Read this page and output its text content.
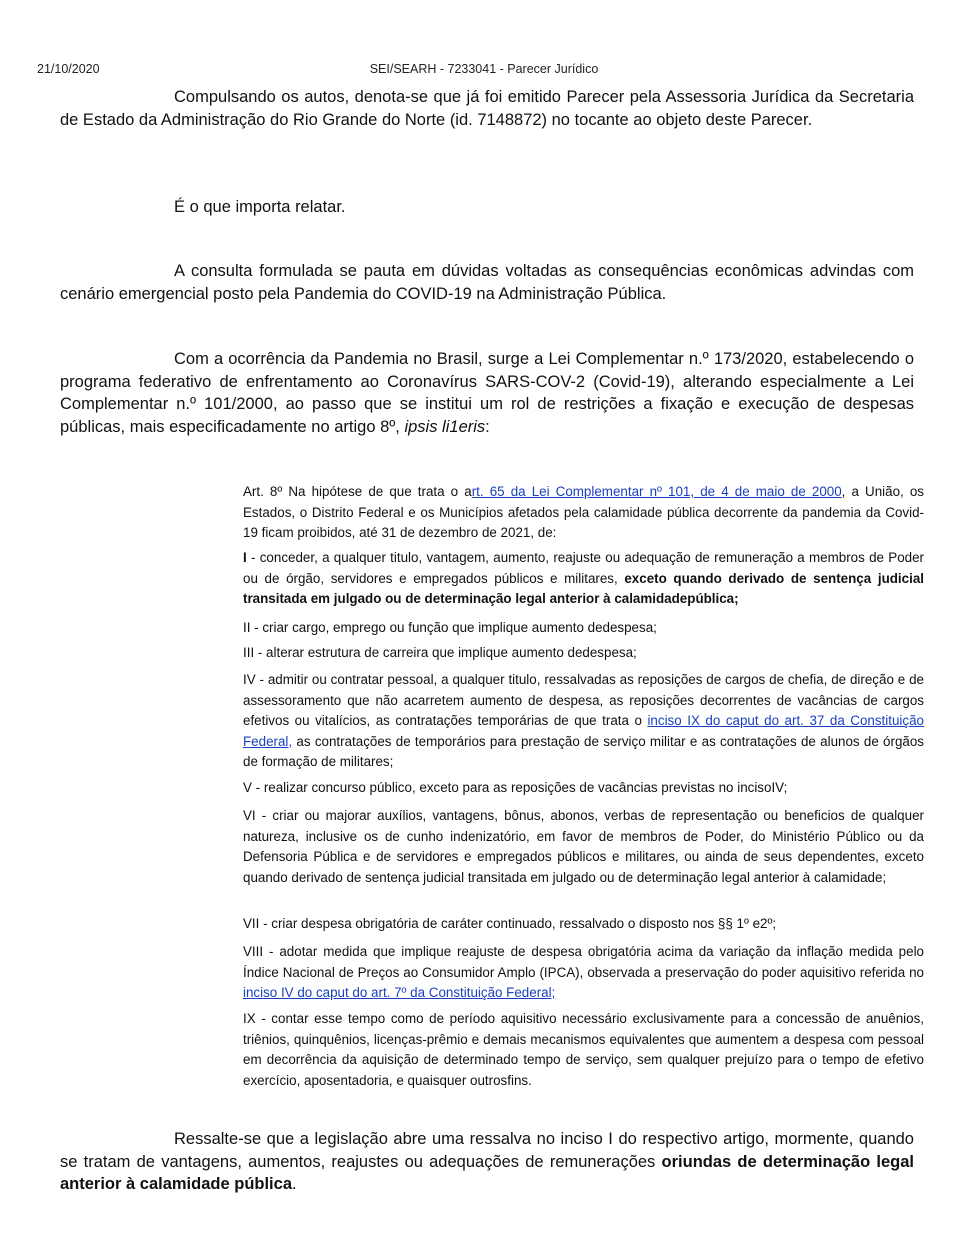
21/10/2020	SEI/SEARH - 7233041 - Parecer Jurídico

Compulsando os autos, denota-se que já foi emitido Parecer pela Assessoria Jurídica da Secretaria de Estado da Administração do Rio Grande do Norte (id. 7148872) no tocante ao objeto deste Parecer.

É o que importa relatar.

A consulta formulada se pauta em dúvidas voltadas as consequências econômicas advindas com cenário emergencial posto pela Pandemia do COVID-19 na Administração Pública.

Com a ocorrência da Pandemia no Brasil, surge a Lei Complementar n.º 173/2020, estabelecendo o programa federativo de enfrentamento ao Coronavírus SARS-COV-2 (Covid-19), alterando especialmente a Lei Complementar n.º 101/2000, ao passo que se institui um rol de restrições a fixação e execução de despesas públicas, mais especificadamente no artigo 8º, ipsis li1eris:

Art. 8º Na hipótese de que trata o art. 65 da Lei Complementar nº 101, de 4 de maio de 2000, a União, os Estados, o Distrito Federal e os Municípios afetados pela calamidade pública decorrente da pandemia da Covid-19 ficam proibidos, até 31 de dezembro de 2021, de:

I - conceder, a qualquer titulo, vantagem, aumento, reajuste ou adequação de remuneração a membros de Poder ou de órgão, servidores e empregados públicos e militares, exceto quando derivado de sentença judicial transitada em julgado ou de determinação legal anterior à calamidadepública;

II - criar cargo, emprego ou função que implique aumento dedespesa;

III - alterar estrutura de carreira que implique aumento dedespesa;

IV - admitir ou contratar pessoal, a qualquer titulo, ressalvadas as reposições de cargos de chefia, de direção e de assessoramento que não acarretem aumento de despesa, as reposições decorrentes de vacâncias de cargos efetivos ou vitalícios, as contratações temporárias de que trata o inciso IX do caput do art. 37 da Constituição Federal, as contratações de temporários para prestação de serviço militar e as contratações de alunos de órgãos de formação de militares;

V - realizar concurso público, exceto para as reposições de vacâncias previstas no incisoIV;

VI - criar ou majorar auxílios, vantagens, bônus, abonos, verbas de representação ou beneficios de qualquer natureza, inclusive os de cunho indenizatório, em favor de membros de Poder, do Ministério Público ou da Defensoria Pública e de servidores e empregados públicos e militares, ou ainda de seus dependentes, exceto quando derivado de sentença judicial transitada em julgado ou de determinação legal anterior à calamidade;

VII - criar despesa obrigatória de caráter continuado, ressalvado o disposto nos §§ 1º e2º;

VIII - adotar medida que implique reajuste de despesa obrigatória acima da variação da inflação medida pelo Índice Nacional de Preços ao Consumidor Amplo (IPCA), observada a preservação do poder aquisitivo referida no inciso IV do caput do art. 7º da Constituição Federal;

IX - contar esse tempo como de período aquisitivo necessário exclusivamente para a concessão de anuênios, triênios, quinquênios, licenças-prêmio e demais mecanismos equivalentes que aumentem a despesa com pessoal em decorrência da aquisição de determinado tempo de serviço, sem qualquer prejuízo para o tempo de efetivo exercício, aposentadoria, e quaisquer outrosfins.

Ressalte-se que a legislação abre uma ressalva no inciso I do respectivo artigo, mormente, quando se tratam de vantagens, aumentos, reajustes ou adequações de remunerações oriundas de determinação legal anterior à calamidade pública.
